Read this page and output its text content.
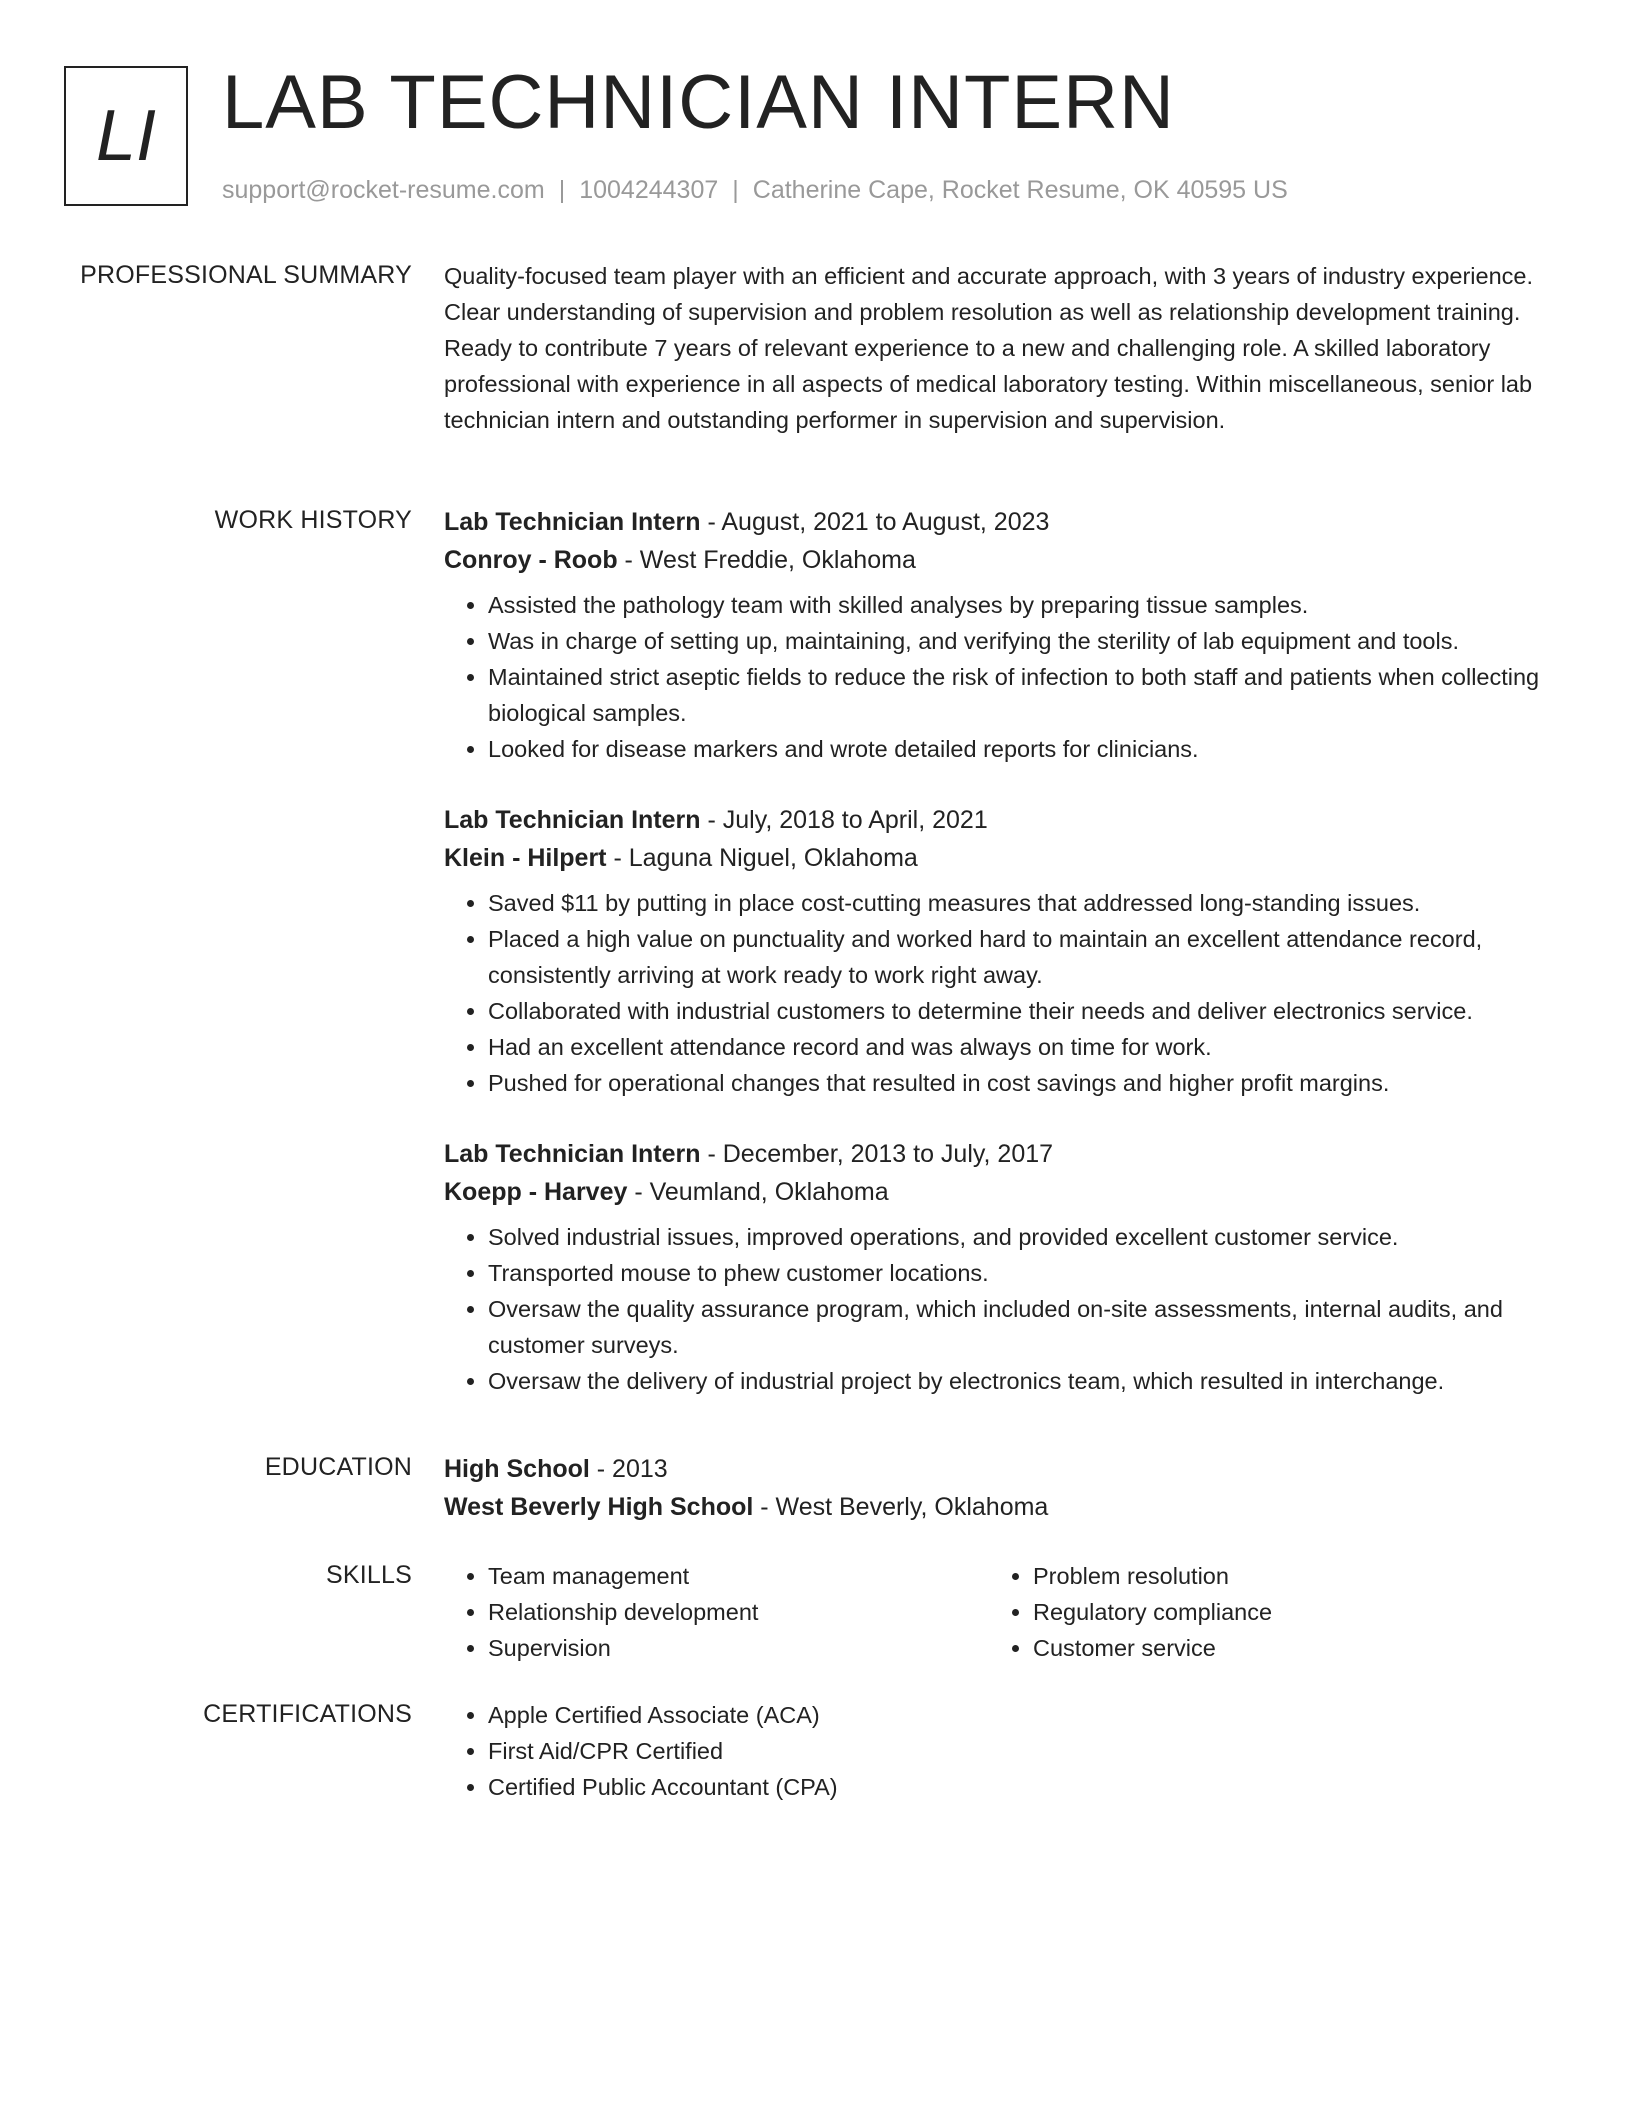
LI LAB TECHNICIAN INTERN
support@rocket-resume.com | 1004244307 | Catherine Cape, Rocket Resume, OK 40595 US
PROFESSIONAL SUMMARY Quality-focused team player with an efficient and accurate approach, with 3 years of industry experience. Clear understanding of supervision and problem resolution as well as relationship development training. Ready to contribute 7 years of relevant experience to a new and challenging role. A skilled laboratory professional with experience in all aspects of medical laboratory testing. Within miscellaneous, senior lab technician intern and outstanding performer in supervision and supervision.
WORK HISTORY Lab Technician Intern - August, 2021 to August, 2023
Conroy - Roob - West Freddie, Oklahoma
• Assisted the pathology team with skilled analyses by preparing tissue samples.
• Was in charge of setting up, maintaining, and verifying the sterility of lab equipment and tools.
• Maintained strict aseptic fields to reduce the risk of infection to both staff and patients when collecting biological samples.
• Looked for disease markers and wrote detailed reports for clinicians.
Lab Technician Intern - July, 2018 to April, 2021
Klein - Hilpert - Laguna Niguel, Oklahoma
• Saved $11 by putting in place cost-cutting measures that addressed long-standing issues.
• Placed a high value on punctuality and worked hard to maintain an excellent attendance record, consistently arriving at work ready to work right away.
• Collaborated with industrial customers to determine their needs and deliver electronics service.
• Had an excellent attendance record and was always on time for work.
• Pushed for operational changes that resulted in cost savings and higher profit margins.
Lab Technician Intern - December, 2013 to July, 2017
Koepp - Harvey - Veumland, Oklahoma
• Solved industrial issues, improved operations, and provided excellent customer service.
• Transported mouse to phew customer locations.
• Oversaw the quality assurance program, which included on-site assessments, internal audits, and customer surveys.
• Oversaw the delivery of industrial project by electronics team, which resulted in interchange.
EDUCATION High School - 2013
West Beverly High School - West Beverly, Oklahoma
SKILLS	• Team management
• Relationship development
• Supervision
• Problem resolution
• Regulatory compliance
• Customer service
CERTIFICATIONS	• Apple Certified Associate (ACA)
• First Aid/CPR Certified
• Certified Public Accountant (CPA)
